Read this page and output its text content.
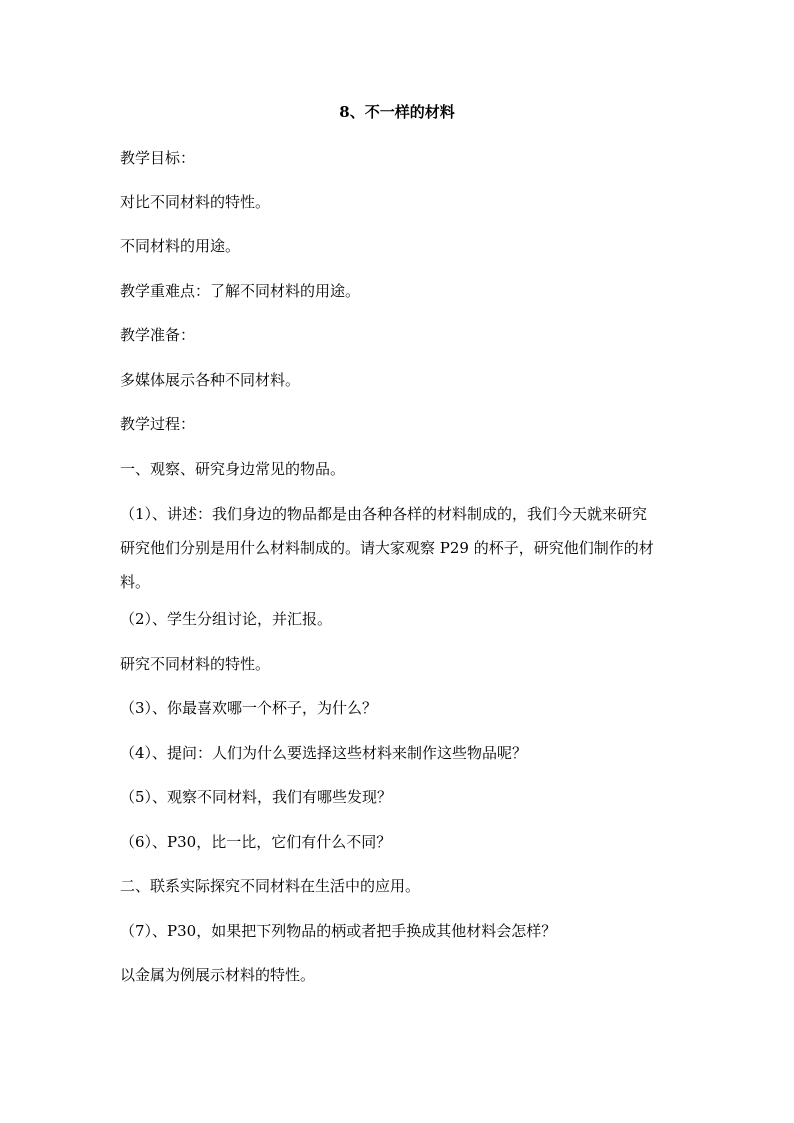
8、不一样的材料
教学目标：
对比不同材料的特性。
不同材料的用途。
教学重难点：了解不同材料的用途。
教学准备：
多媒体展示各种不同材料。
教学过程：
一、观察、研究身边常见的物品。
（1）、讲述：我们身边的物品都是由各种各样的材料制成的，我们今天就来研究
研究他们分别是用什么材料制成的。请大家观察 P29 的杯子，研究他们制作的材
料。
（2）、学生分组讨论，并汇报。
研究不同材料的特性。
（3）、你最喜欢哪一个杯子，为什么？
（4）、提问：人们为什么要选择这些材料来制作这些物品呢？
（5）、观察不同材料，我们有哪些发现？
（6）、P30，比一比，它们有什么不同？
二、联系实际探究不同材料在生活中的应用。
（7）、P30，如果把下列物品的柄或者把手换成其他材料会怎样？
以金属为例展示材料的特性。
